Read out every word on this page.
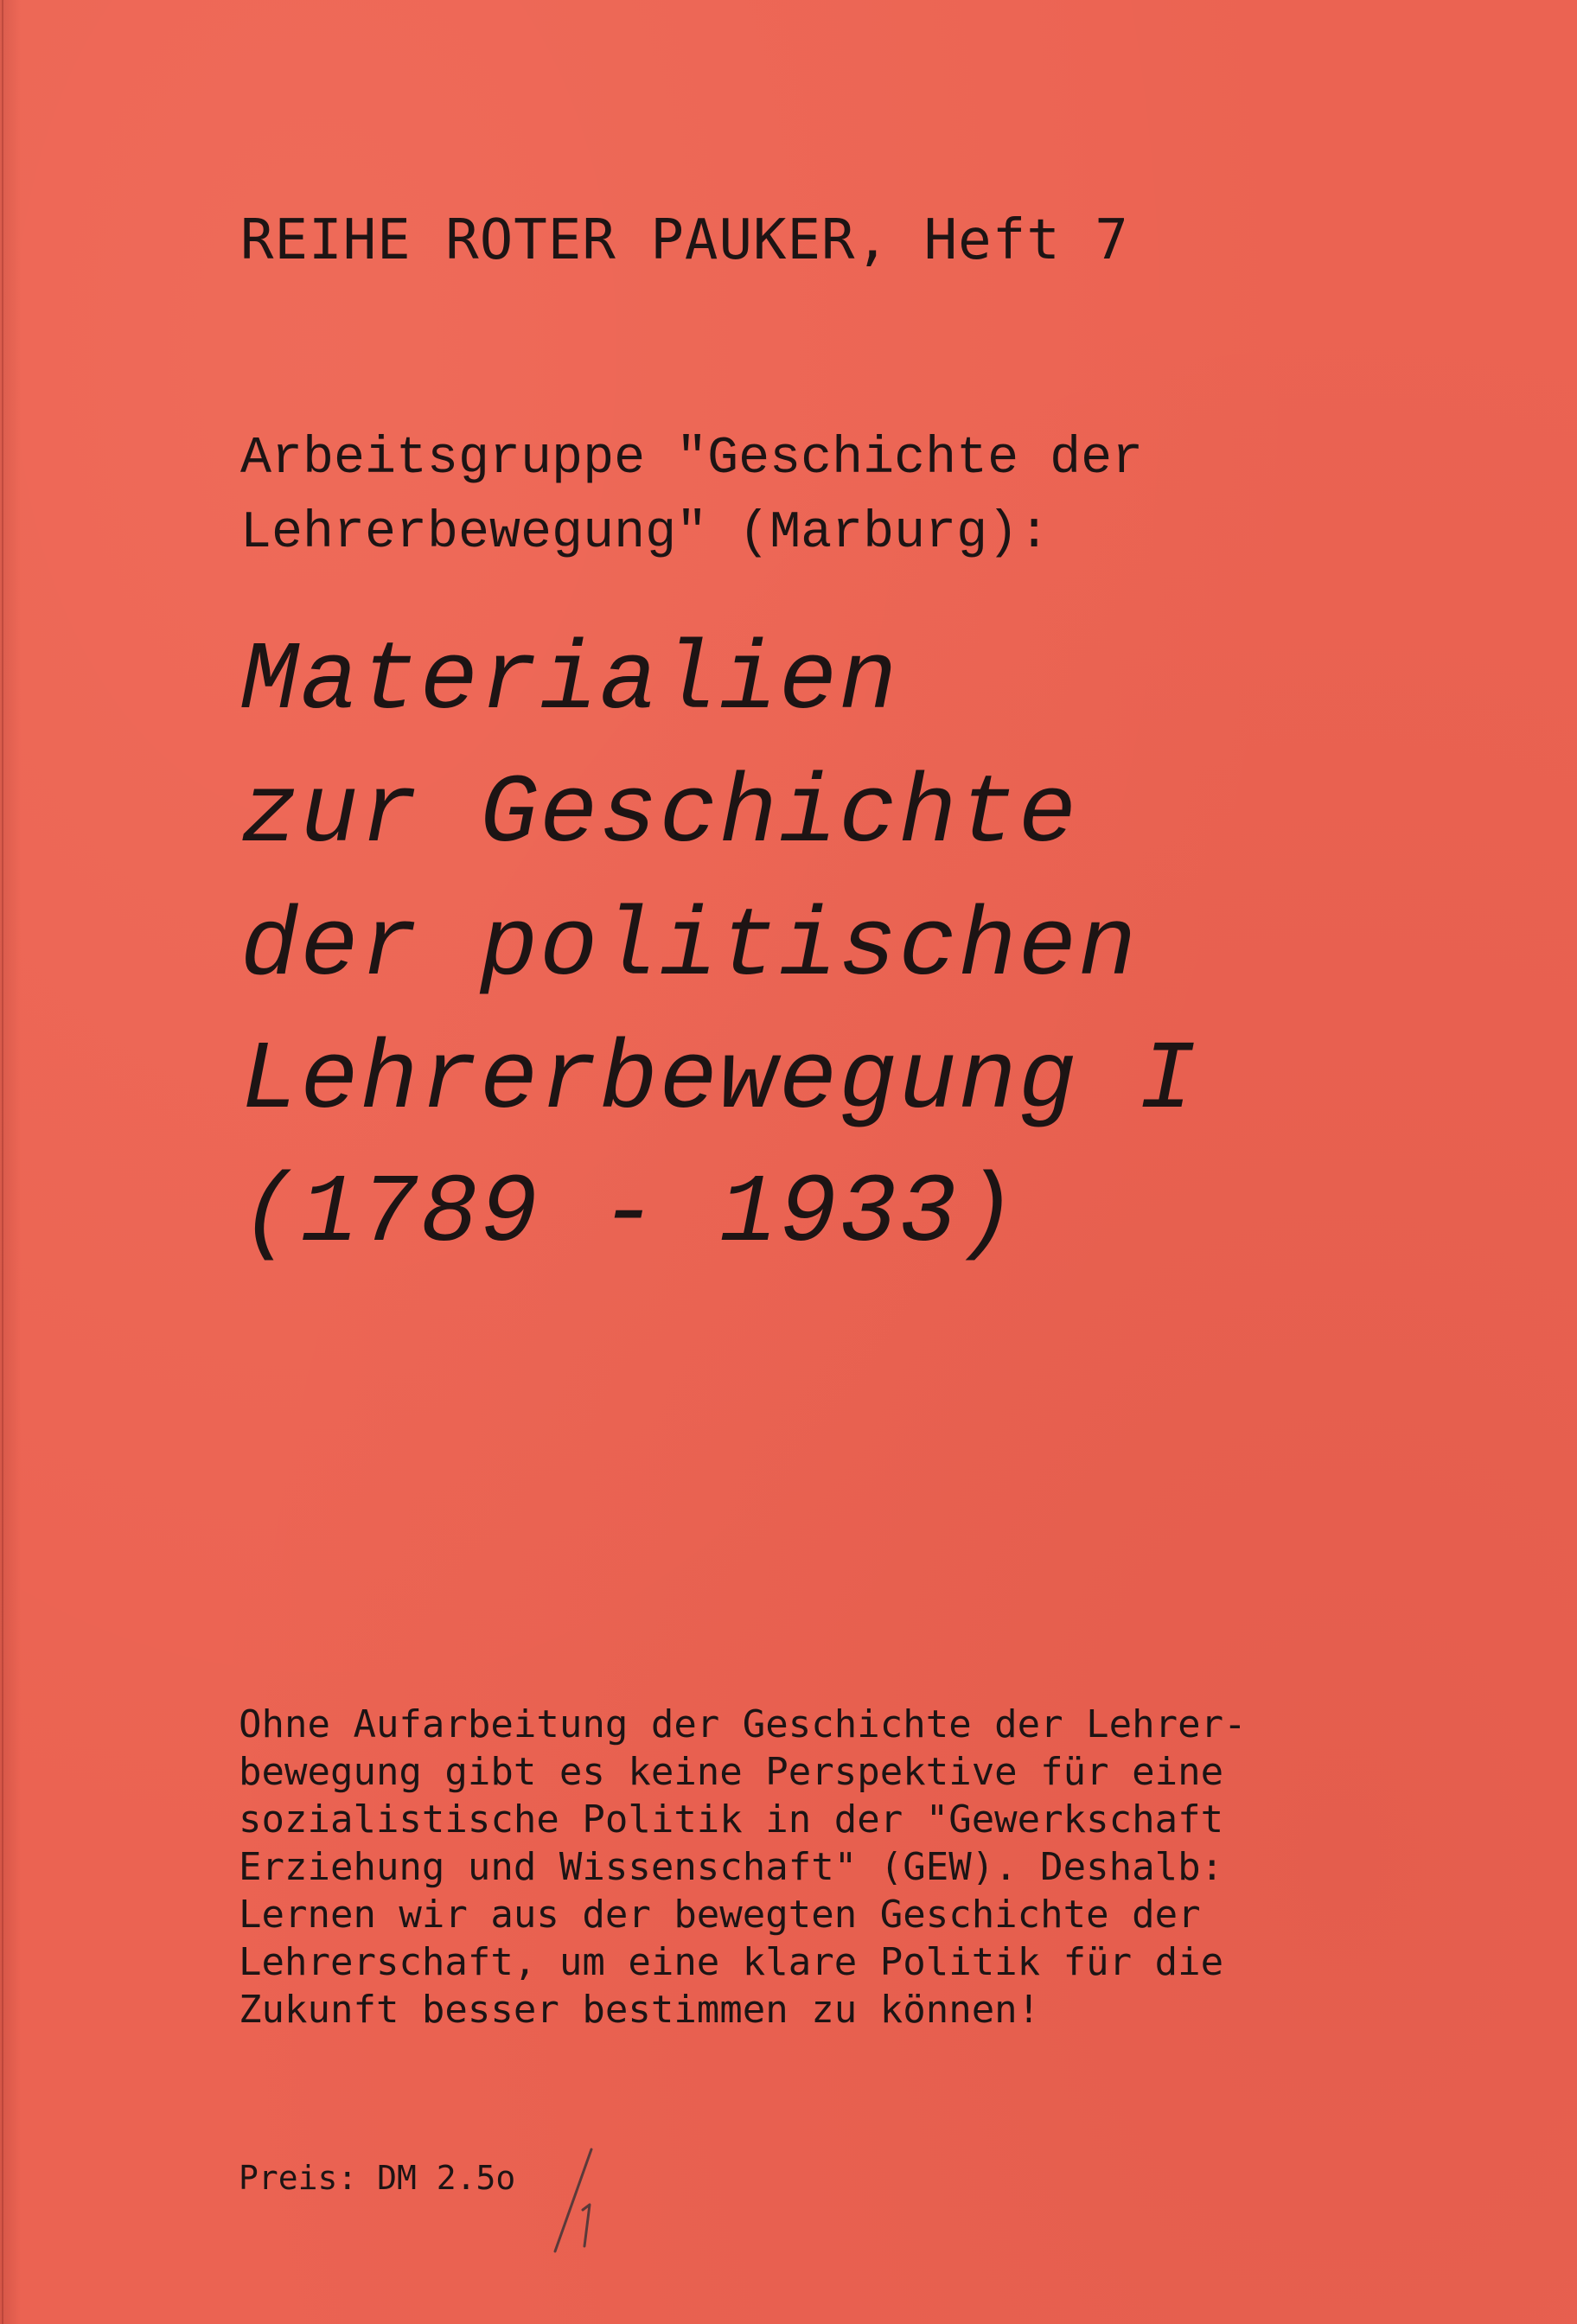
REIHE ROTER PAUKER, Heft 7
Arbeitsgruppe "Geschichte der
Lehrerbewegung" (Marburg):
Materialien
zur Geschichte
der politischen
Lehrerbewegung I
(1789 - 1933)
Ohne Aufarbeitung der Geschichte der Lehrer-
bewegung gibt es keine Perspektive für eine
sozialistische Politik in der "Gewerkschaft
Erziehung und Wissenschaft" (GEW). Deshalb:
Lernen wir aus der bewegten Geschichte der
Lehrerschaft, um eine klare Politik für die
Zukunft besser bestimmen zu können!
Preis: DM 2.5o
